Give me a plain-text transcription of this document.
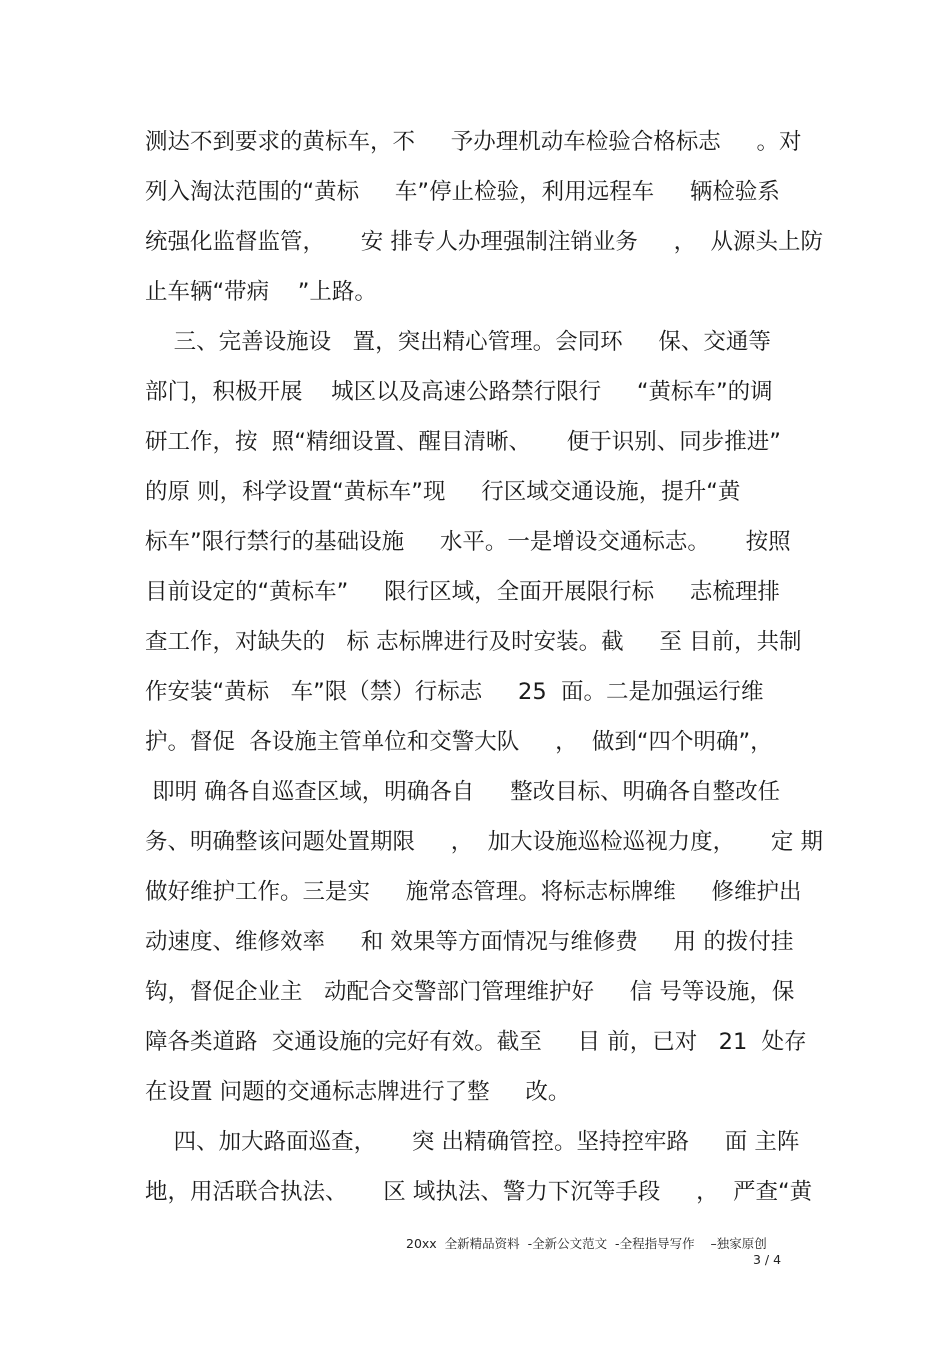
测达不到要求的黄标车，不     予办理机动车检验合格标志     。对
列入淘汰范围的“黄标     车”停止检验，利用远程车     辆检验系
统强化监督监管，     安 排专人办理强制注销业务     ，  从源头上防
止车辆“带病    ”上路。
三、完善设施设   置，突出精心管理。会同环     保、交通等
部门，积极开展    城区以及高速公路禁行限行     “黄标车”的调
研工作，按  照“精细设置、醒目清晰、     便于识别、同步推进”
的原 则，科学设置“黄标车”现     行区域交通设施，提升“黄
标车”限行禁行的基础设施     水平。一是增设交通标志。     按照
目前设定的“黄标车”     限行区域，全面开展限行标     志梳理排
查工作，对缺失的   标 志标牌进行及时安装。截     至 目前，共制
作安装“黄标   车”限（禁）行标志     25  面。二是加强运行维
护。督促  各设施主管单位和交警大队     ，  做到“四个明确”，
即明 确各自巡查区域，明确各自     整改目标、明确各自整改任
务、明确整该问题处置期限     ，  加大设施巡检巡视力度，     定 期
做好维护工作。三是实     施常态管理。将标志标牌维     修维护出
动速度、维修效率     和 效果等方面情况与维修费     用 的拨付挂
钩，督促企业主   动配合交警部门管理维护好     信 号等设施，保
障各类道路  交通设施的完好有效。截至     目 前，已对   21  处存
在设置 问题的交通标志牌进行了整     改。
四、加大路面巡查，     突 出精确管控。坚持控牢路     面 主阵
地，用活联合执法、     区 域执法、警力下沉等手段     ，  严查“黄
20xx  全新精品资料  -全新公文范文  -全程指导写作    –独家原创
3 / 4
